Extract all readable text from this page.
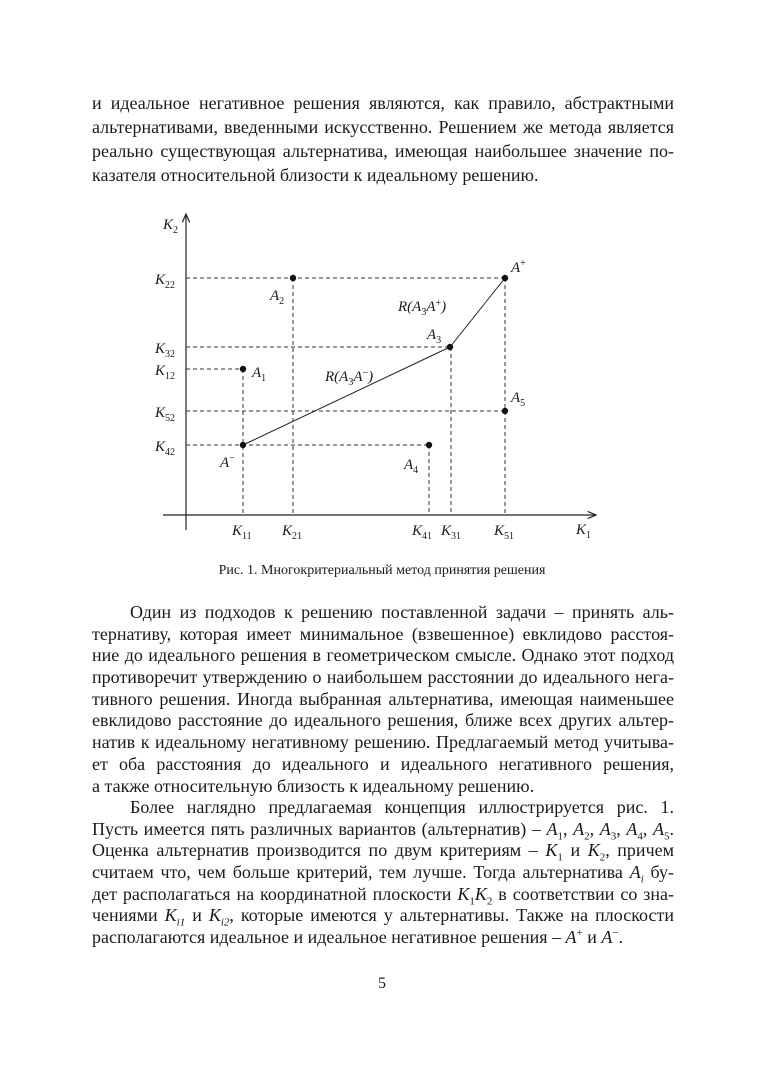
$K_2$
$K_1$
$K_{22}$
$K_{32}$
$K_{12}$
$K_{52}$
$K_{42}$
$K_{11}$ $K_{21}$	$K_{41}$ $K_{31}$ $K_{51}$
A+
$A_2$
$A_3$
$A_1$
$A_5$
A−	$A_4$
$R(A_3A^+)$
$R(A_3A^-)$
и идеальное негативное решения являются, как правило, абстрактными
альтернативами, введенными искусственно. Решением же метода является
реально существующая альтернатива, имеющая наибольшее значение по-
казателя относительной близости к идеальному решению.
Рис. 1. Многокритериальный метод принятия решения
Один из подходов к решению поставленной задачи – принять аль-
тернативу, которая имеет минимальное (взвешенное) евклидово расстоя-
ние до идеального решения в геометрическом смысле. Однако этот подход
противоречит утверждению о наибольшем расстоянии до идеального нега-
тивного решения. Иногда выбранная альтернатива, имеющая наименьшее
евклидово расстояние до идеального решения, ближе всех других альтер-
натив к идеальному негативному решению. Предлагаемый метод учитыва-
ет оба расстояния до идеального и идеального негативного решения,
а также относительную близость к идеальному решению.
Более наглядно предлагаемая концепция иллюстрируется рис. 1.
Пусть имеется пять различных вариантов (альтернатив) – $A_1$, $A_2$, $A_3$, $A_4$, $A_5$.
Оценка альтернатив производится по двум критериям – $K_1$ и $K_2$, причем
считаем что, чем больше критерий, тем лучше. Тогда альтернатива $A_i$ бу-
дет располагаться на координатной плоскости $K_1K_2$ в соответствии со зна-
чениями $K_{i1}$ и $K_{i2}$, которые имеются у альтернативы. Также на плоскости
располагаются идеальное и идеальное негативное решения – A+ и A−.
5
